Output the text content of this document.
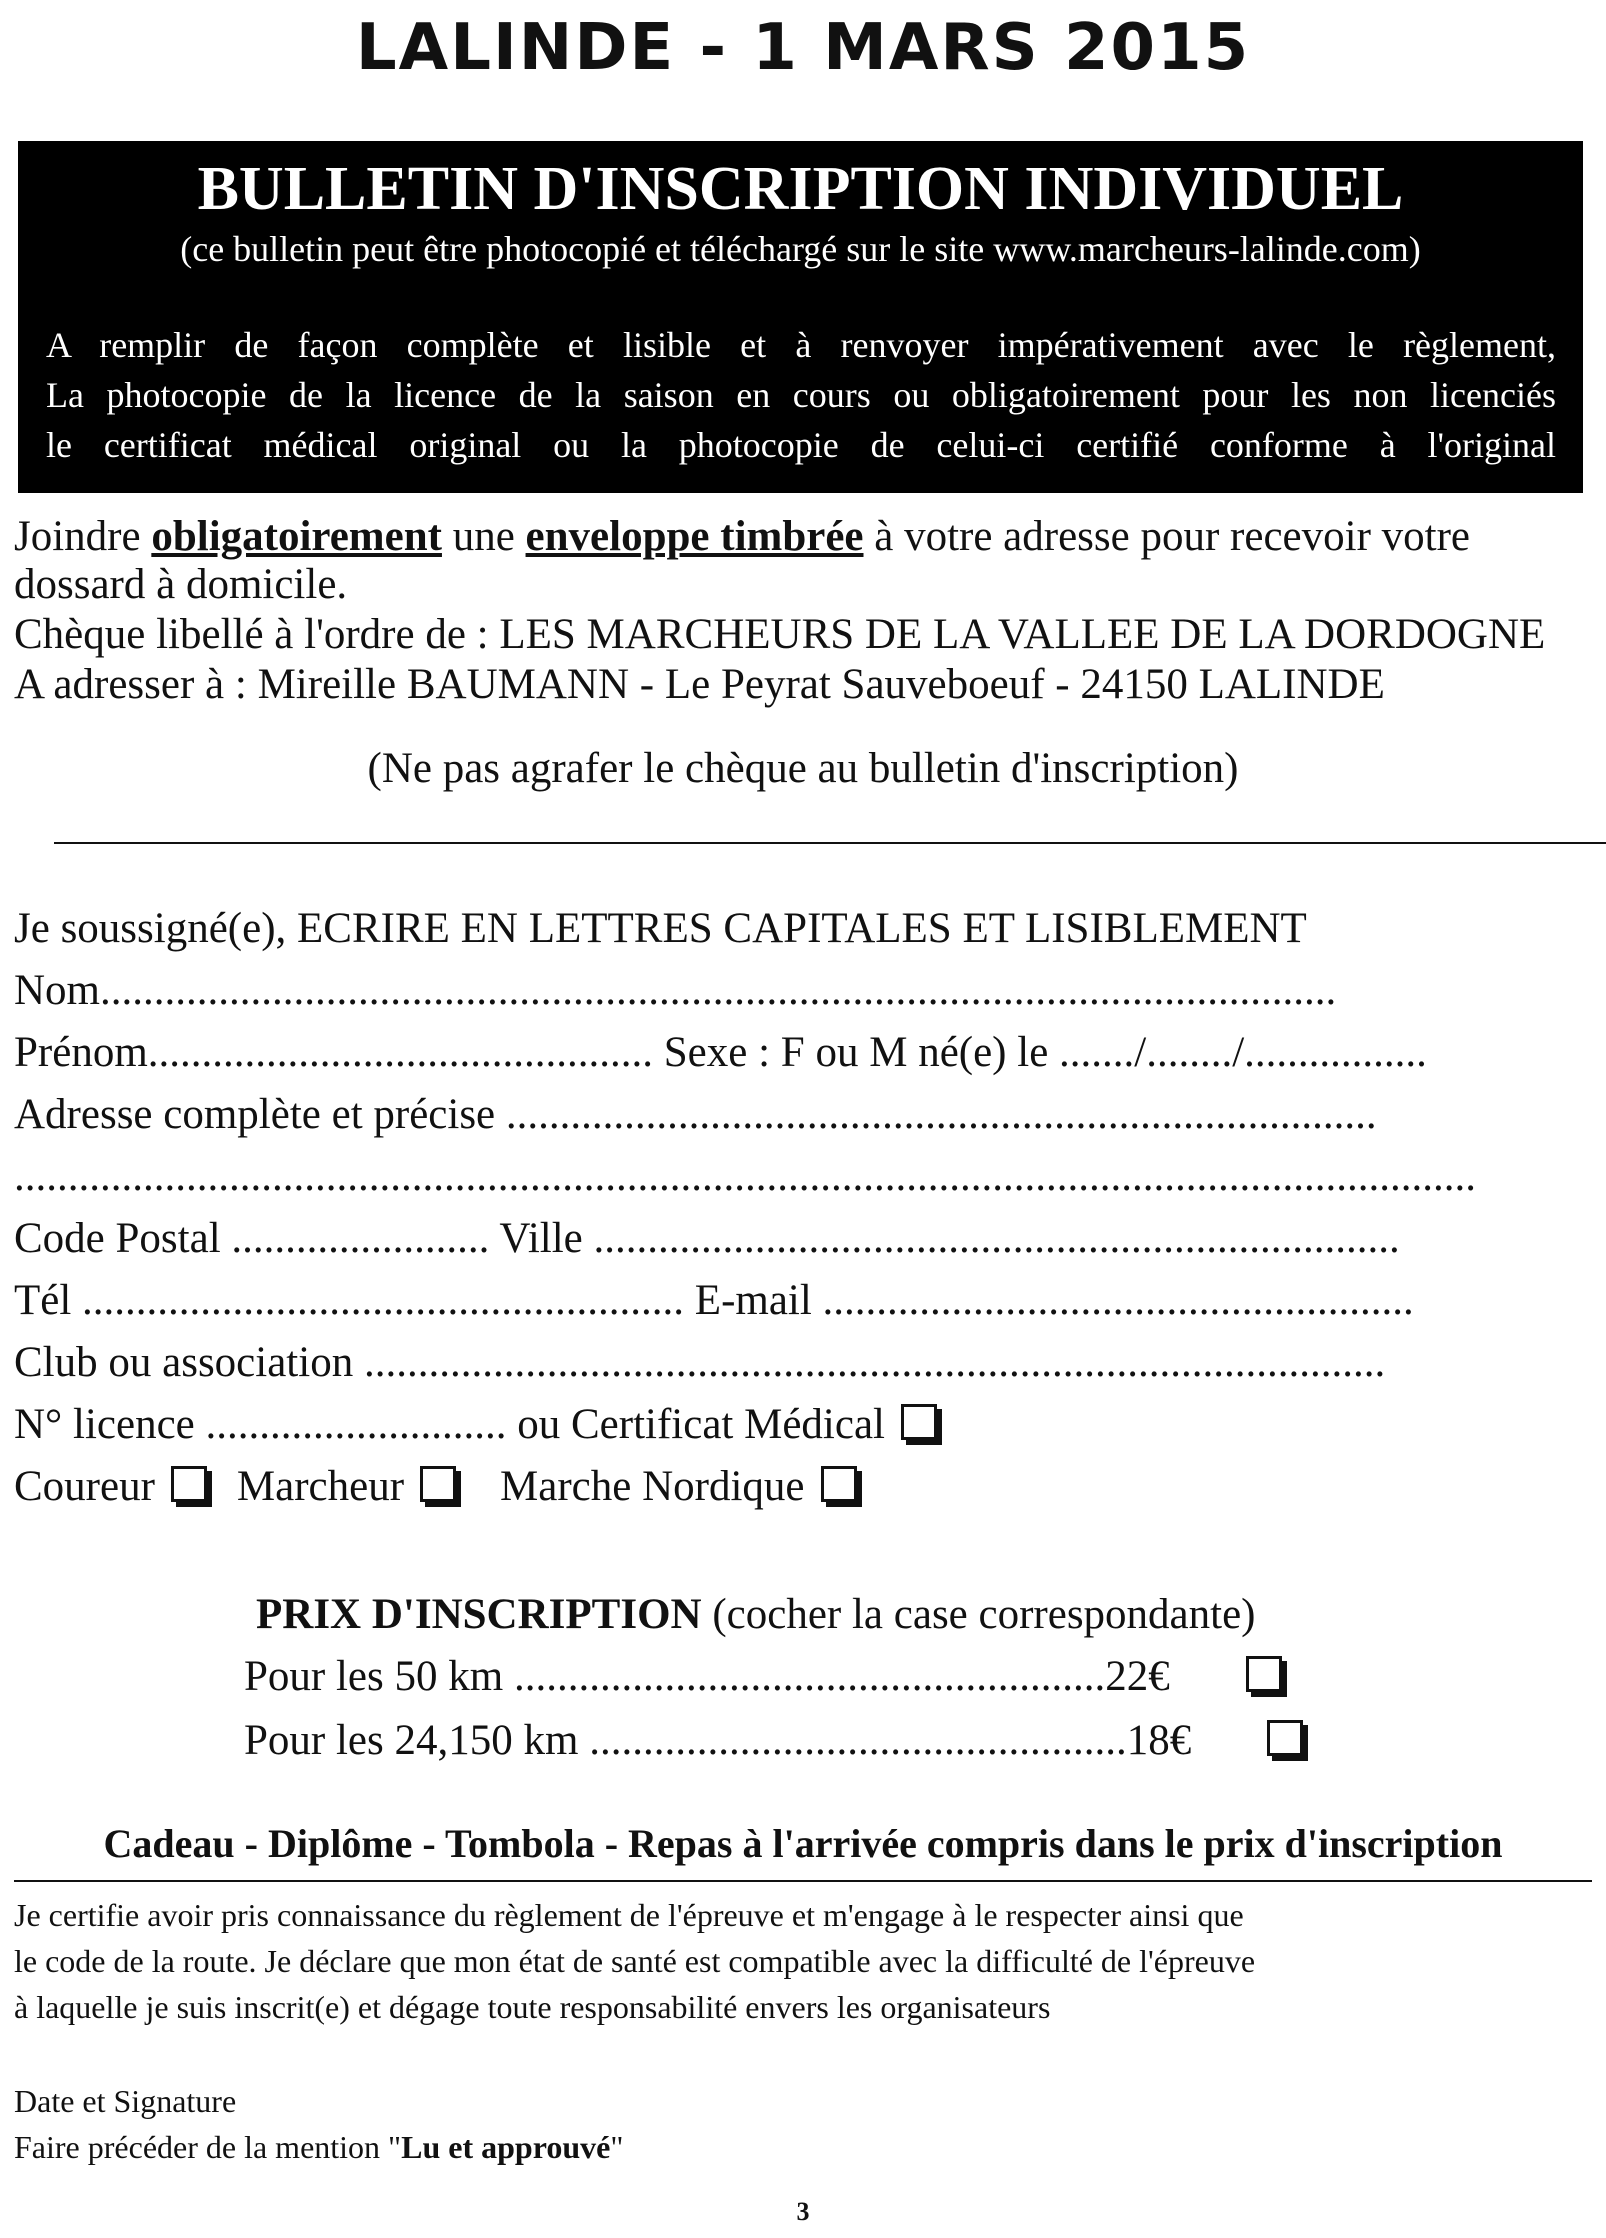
LALINDE - 1 MARS 2015
BULLETIN D'INSCRIPTION INDIVIDUEL
(ce bulletin peut être photocopié et téléchargé sur le site www.marcheurs-lalinde.com)
A remplir de façon complète et lisible et à renvoyer impérativement avec le règlement,
La photocopie de la licence de la saison en cours ou obligatoirement pour les non licenciés
le certificat médical original ou la photocopie de celui-ci certifié conforme à l'original
Joindre obligatoirement une enveloppe timbrée à votre adresse pour recevoir votre
dossard à domicile.
Chèque libellé à l'ordre de : LES MARCHEURS DE LA VALLEE DE LA DORDOGNE
A adresser à : Mireille BAUMANN - Le Peyrat Sauveboeuf - 24150 LALINDE
(Ne pas agrafer le chèque au bulletin d'inscription)
Je soussigné(e), ECRIRE EN LETTRES CAPITALES ET LISIBLEMENT
Nom...................................................................................................................
Prénom............................................... Sexe : F ou M né(e) le ......./......../.................
Adresse complète et précise .................................................................................
........................................................................................................................................
Code Postal ........................ Ville ...........................................................................
Tél ........................................................ E-mail .......................................................
Club ou association ...............................................................................................
N° licence ............................ ou Certificat Médical
Coureur Marcheur Marche Nordique
PRIX D'INSCRIPTION (cocher la case correspondante)
Pour les 50 km .......................................................22€
Pour les 24,150 km ..................................................18€
Cadeau - Diplôme - Tombola - Repas à l'arrivée compris dans le prix d'inscription
Je certifie avoir pris connaissance du règlement de l'épreuve et m'engage à le respecter ainsi que
le code de la route. Je déclare que mon état de santé est compatible avec la difficulté de l'épreuve
à laquelle je suis inscrit(e) et dégage toute responsabilité envers les organisateurs
Date et Signature
Faire précéder de la mention "Lu et approuvé"
3
